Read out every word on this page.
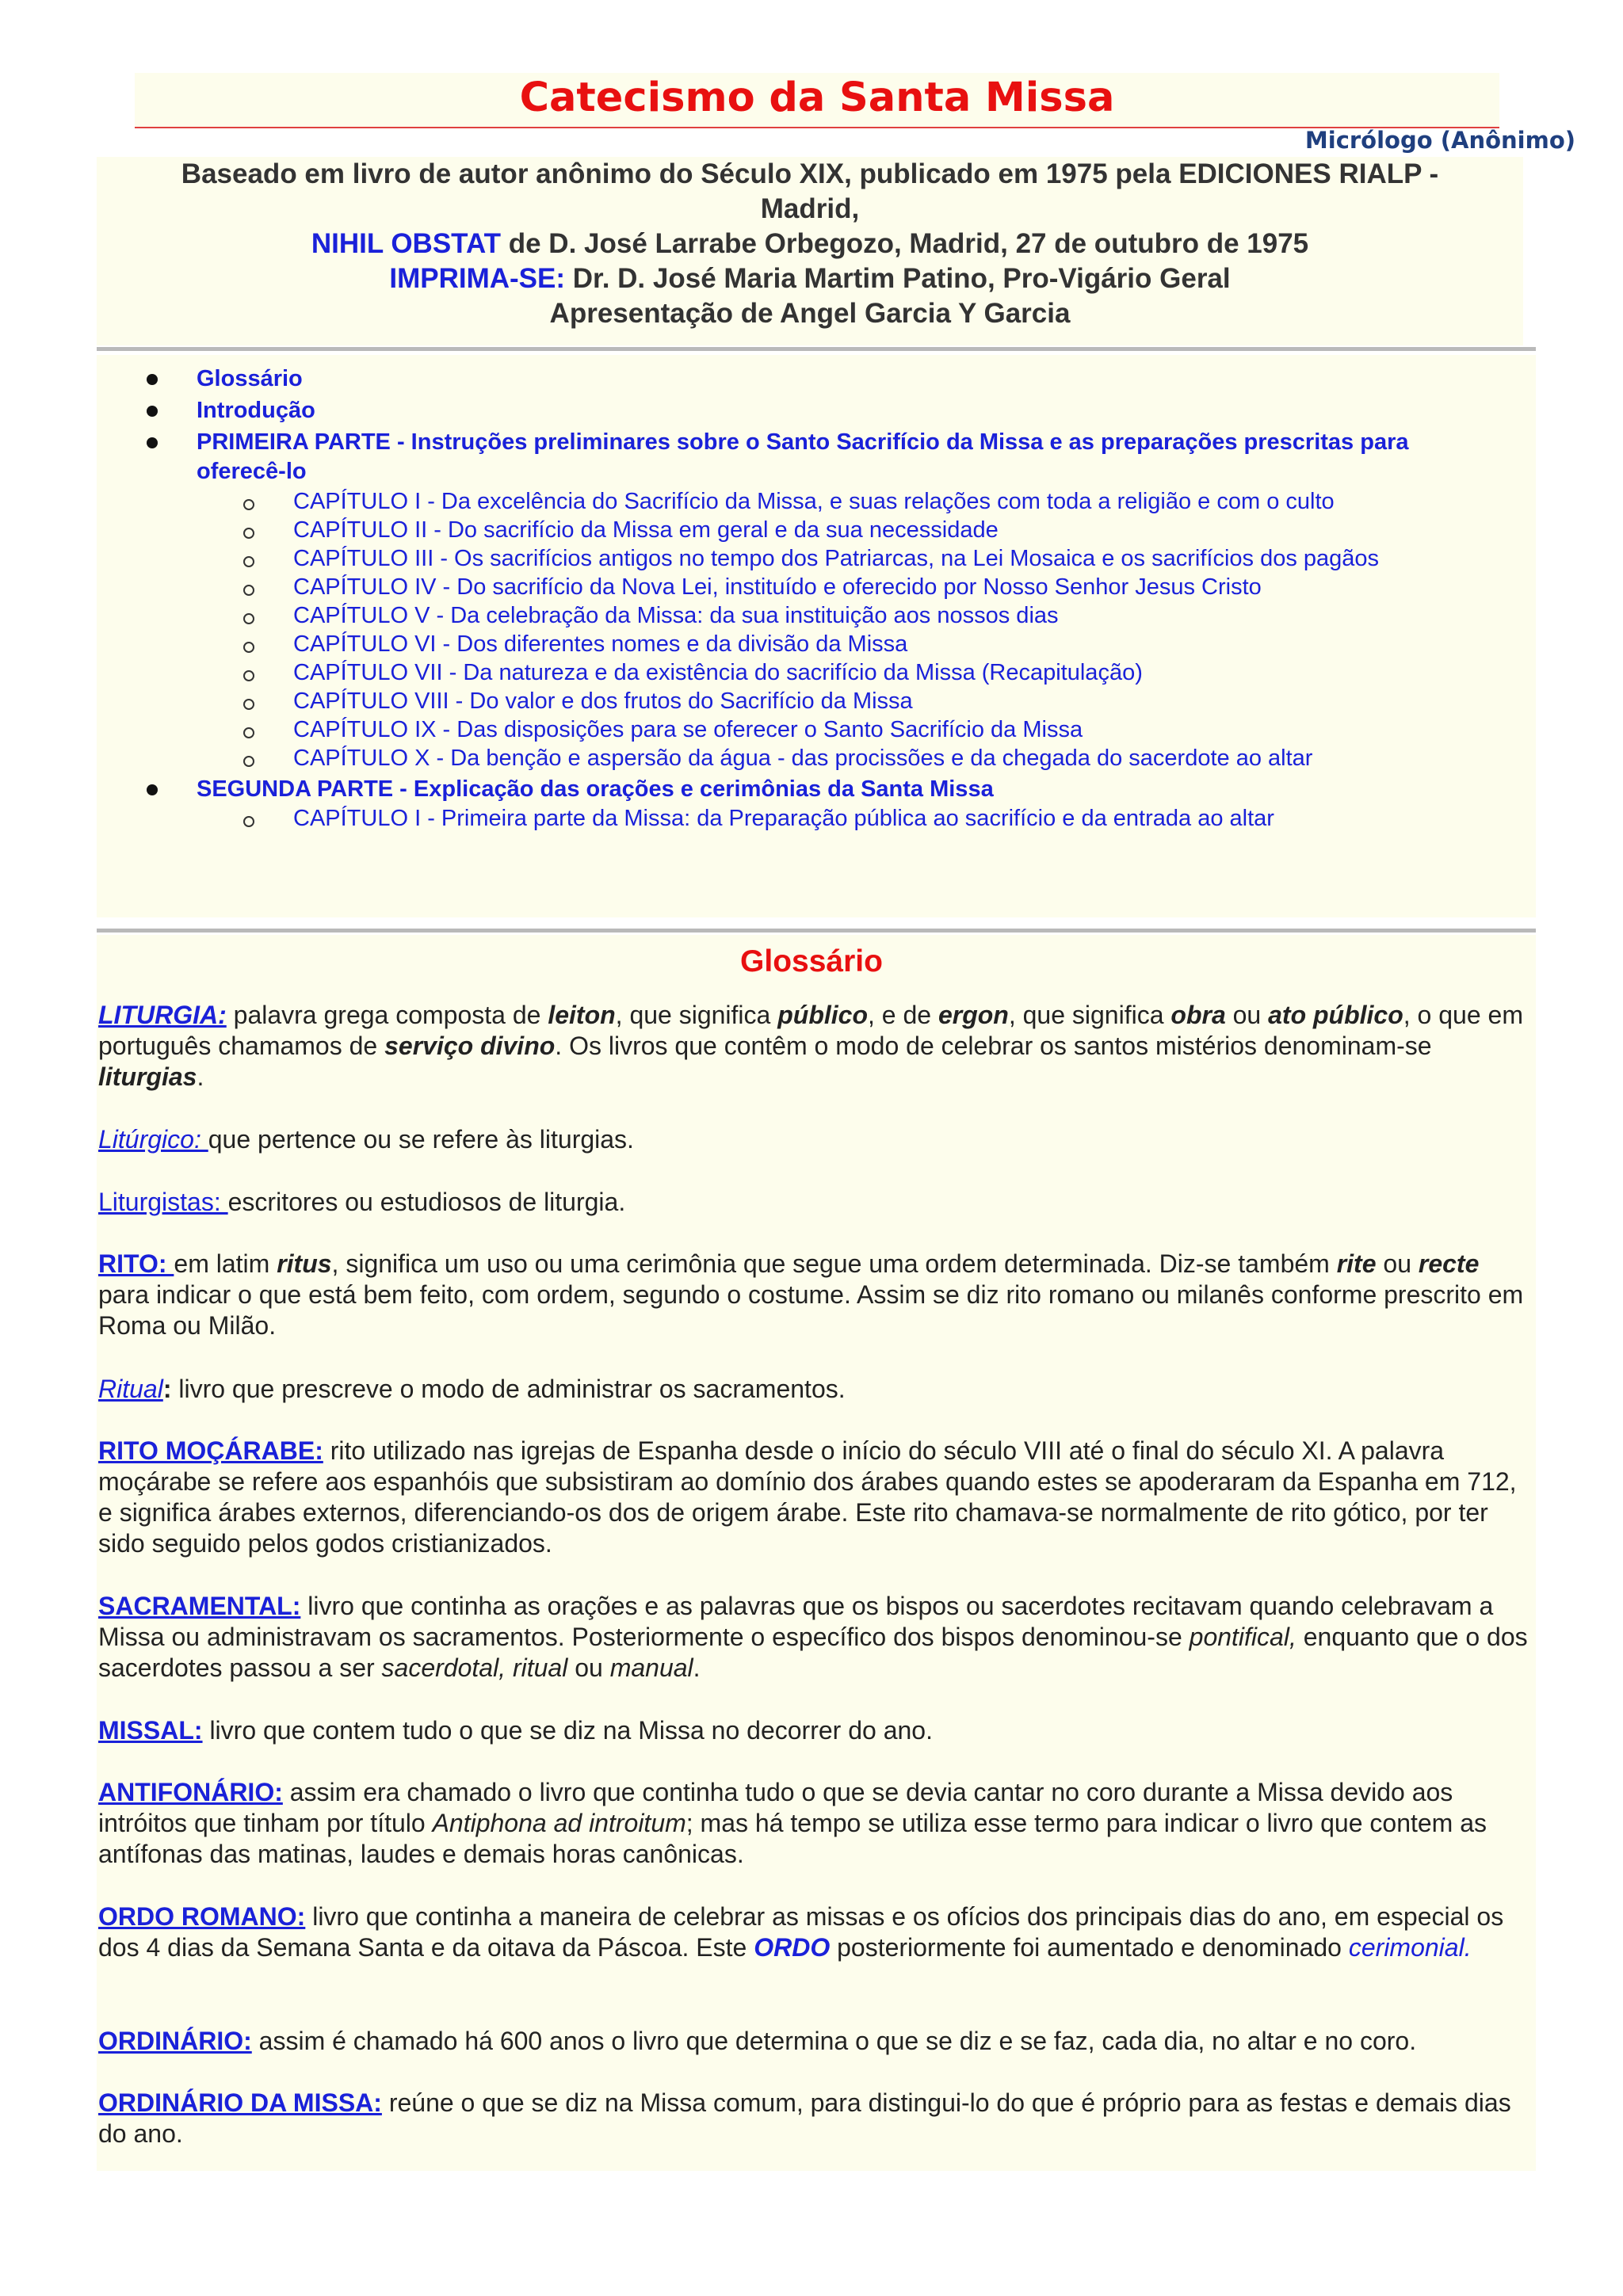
Catecismo da Santa Missa
Micrólogo (Anônimo)
Baseado em livro de autor anônimo do Século XIX, publicado em 1975 pela EDICIONES RIALP -
Madrid,
NIHIL OBSTAT de D. José Larrabe Orbegozo, Madrid, 27 de outubro de 1975
IMPRIMA-SE: Dr. D. José Maria Martim Patino, Pro-Vigário Geral
Apresentação de Angel Garcia Y Garcia
Glossário
Introdução
PRIMEIRA PARTE - Instruções preliminares sobre o Santo Sacrifício da Missa e as preparações prescritas para
oferecê-lo
CAPÍTULO I - Da excelência do Sacrifício da Missa, e suas relações com toda a religião e com o culto
CAPÍTULO II - Do sacrifício da Missa em geral e da sua necessidade
CAPÍTULO III - Os sacrifícios antigos no tempo dos Patriarcas, na Lei Mosaica e os sacrifícios dos pagãos
CAPÍTULO IV - Do sacrifício da Nova Lei, instituído e oferecido por Nosso Senhor Jesus Cristo
CAPÍTULO V - Da celebração da Missa: da sua instituição aos nossos dias
CAPÍTULO VI - Dos diferentes nomes e da divisão da Missa
CAPÍTULO VII - Da natureza e da existência do sacrifício da Missa (Recapitulação)
CAPÍTULO VIII - Do valor e dos frutos do Sacrifício da Missa
CAPÍTULO IX - Das disposições para se oferecer o Santo Sacrifício da Missa
CAPÍTULO X - Da benção e aspersão da água - das procissões e da chegada do sacerdote ao altar
SEGUNDA PARTE - Explicação das orações e cerimônias da Santa Missa
CAPÍTULO I - Primeira parte da Missa: da Preparação pública ao sacrifício e da entrada ao altar
Glossário

LITURGIA: palavra grega composta de leiton, que significa público, e de ergon, que significa obra ou ato público, o que em português chamamos de serviço divino. Os livros que contêm o modo de celebrar os santos mistérios denominam-se liturgias.

Litúrgico: que pertence ou se refere às liturgias.

Liturgistas: escritores ou estudiosos de liturgia.

RITO: em latim ritus, significa um uso ou uma cerimônia que segue uma ordem determinada. Diz-se também rite ou recte para indicar o que está bem feito, com ordem, segundo o costume. Assim se diz rito romano ou milanês conforme prescrito em Roma ou Milão.

Ritual: livro que prescreve o modo de administrar os sacramentos.

RITO MOÇÁRABE: rito utilizado nas igrejas de Espanha desde o início do século VIII até o final do século XI. A palavra moçárabe se refere aos espanhóis que subsistiram ao domínio dos árabes quando estes se apoderaram da Espanha em 712, e significa árabes externos, diferenciando-os dos de origem árabe. Este rito chamava-se normalmente de rito gótico, por ter sido seguido pelos godos cristianizados.

SACRAMENTAL: livro que continha as orações e as palavras que os bispos ou sacerdotes recitavam quando celebravam a Missa ou administravam os sacramentos. Posteriormente o específico dos bispos denominou-se pontifical, enquanto que o dos sacerdotes passou a ser sacerdotal, ritual ou manual.

MISSAL: livro que contem tudo o que se diz na Missa no decorrer do ano.

ANTIFONÁRIO: assim era chamado o livro que continha tudo o que se devia cantar no coro durante a Missa devido aos intróitos que tinham por título Antiphona ad introitum; mas há tempo se utiliza esse termo para indicar o livro que contem as antífonas das matinas, laudes e demais horas canônicas.

ORDO ROMANO: livro que continha a maneira de celebrar as missas e os ofícios dos principais dias do ano, em especial os dos 4 dias da Semana Santa e da oitava da Páscoa. Este ORDO posteriormente foi aumentado e denominado cerimonial.

ORDINÁRIO: assim é chamado há 600 anos o livro que determina o que se diz e se faz, cada dia, no altar e no coro.

ORDINÁRIO DA MISSA: reúne o que se diz na Missa comum, para distingui-lo do que é próprio para as festas e demais dias do ano.
